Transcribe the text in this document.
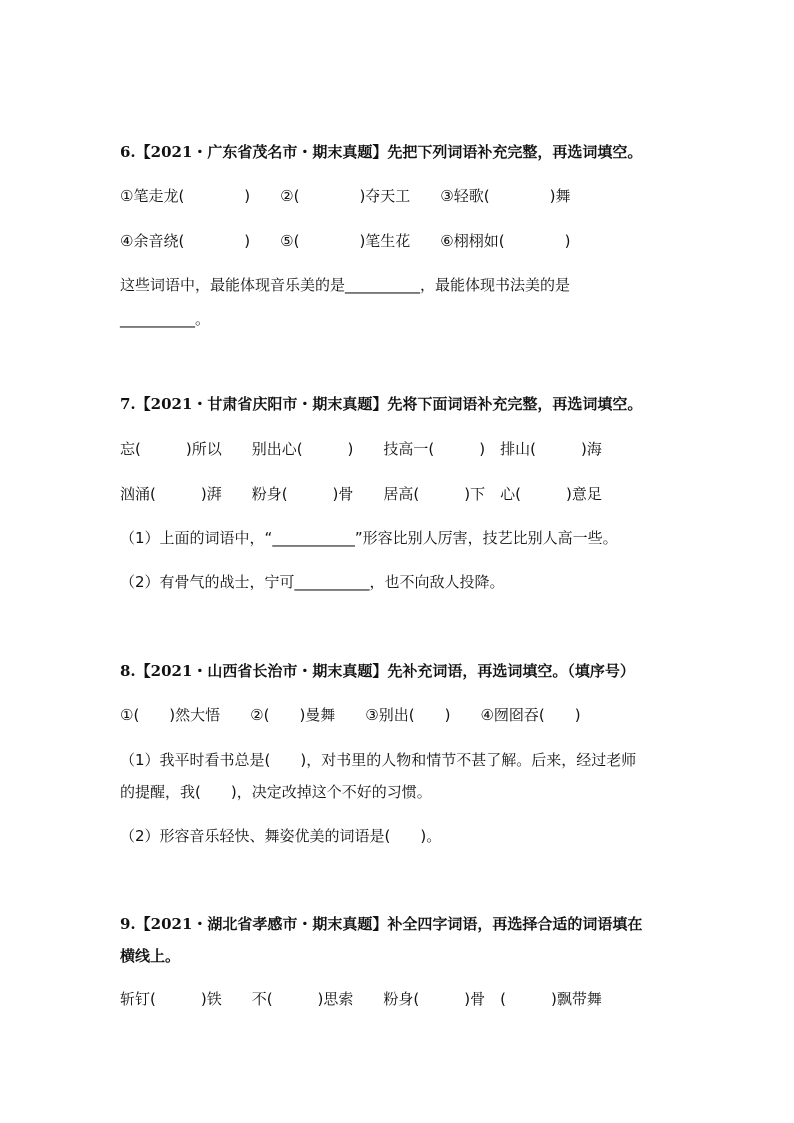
6.【2021・广东省茂名市・期末真题】先把下列词语补充完整，再选词填空。
①笔走龙(　　　　)　　②(　　　　)夺天工　　③轻歌(　　　　)舞
④余音绕(　　　　)　　⑤(　　　　)笔生花　　⑥栩栩如(　　　　)
这些词语中，最能体现音乐美的是__________，最能体现书法美的是
__________。
7.【2021・甘肃省庆阳市・期末真题】先将下面词语补充完整，再选词填空。
忘(　　　)所以　　别出心(　　　)　　技高一(　　　)　排山(　　　)海
汹涌(　　　)湃　　粉身(　　　)骨　　居高(　　　)下　心(　　　)意足
（1）上面的词语中，“___________”形容比别人厉害，技艺比别人高一些。
（2）有骨气的战士，宁可__________，也不向敌人投降。
8.【2021・山西省长治市・期末真题】先补充词语，再选词填空。（填序号）
①(　　)然大悟　　②(　　)曼舞　　③别出(　　)　　④囫囵吞(　　)
（1）我平时看书总是(　　)，对书里的人物和情节不甚了解。后来，经过老师
的提醒，我(　　)，决定改掉这个不好的习惯。
（2）形容音乐轻快、舞姿优美的词语是(　　)。
9.【2021・湖北省孝感市・期末真题】补全四字词语，再选择合适的词语填在
横线上。
斩钉(　　　)铁　　不(　　　)思索　　粉身(　　　)骨　(　　　)飘带舞
